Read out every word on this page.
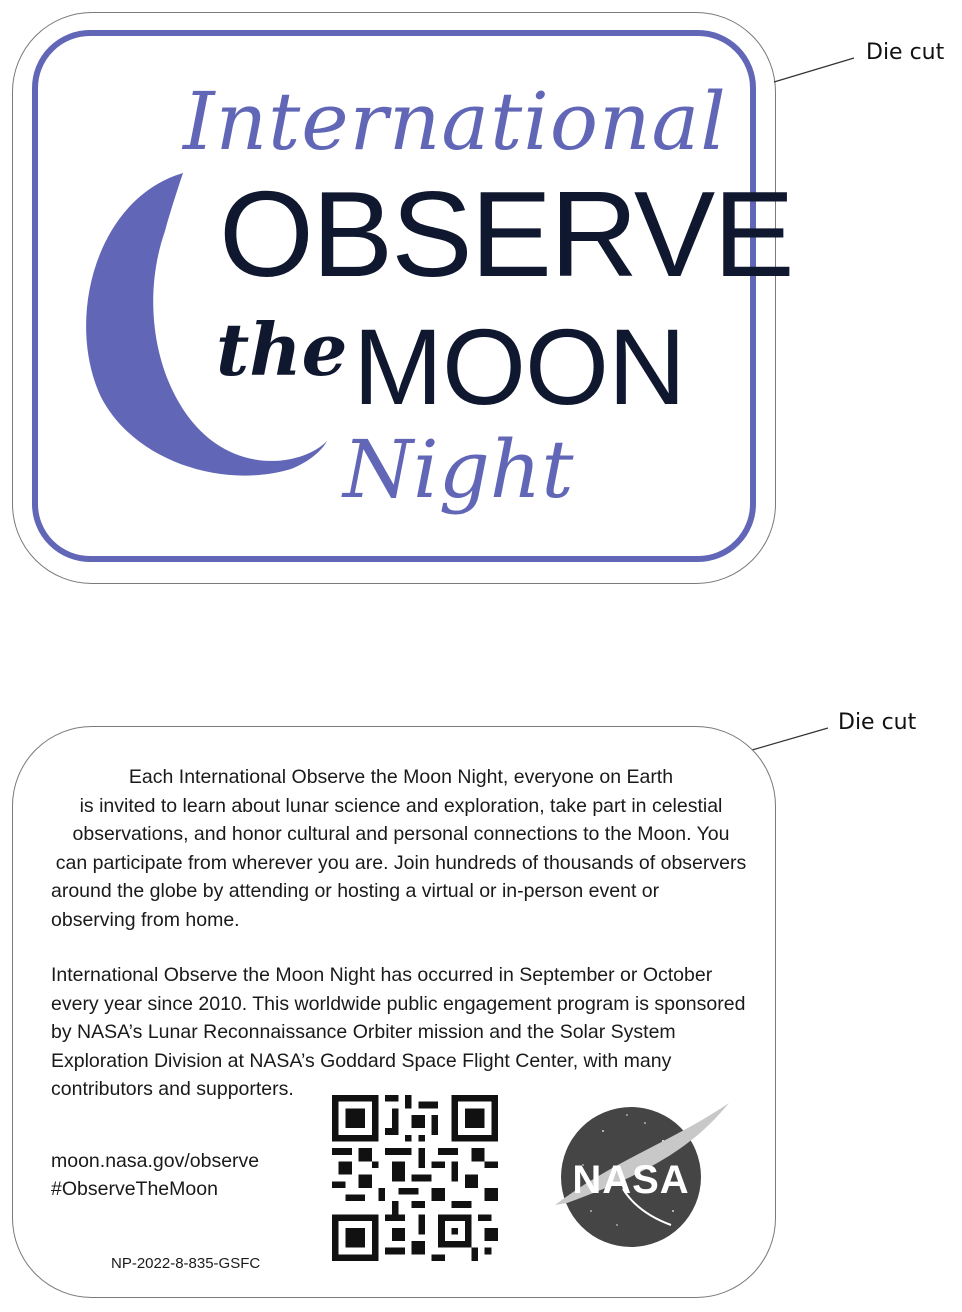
International
OBSERVE
the MOON
Night
Die cut
Die cut
Each International Observe the Moon Night, everyone on Earth
is invited to learn about lunar science and exploration, take part in celestial
observations, and honor cultural and personal connections to the Moon. You
can participate from wherever you are. Join hundreds of thousands of observers
around the globe by attending or hosting a virtual or in-person event or
observing from home.
International Observe the Moon Night has occurred in September or October
every year since 2010. This worldwide public engagement program is sponsored
by NASA’s Lunar Reconnaissance Orbiter mission and the Solar System
Exploration Division at NASA’s Goddard Space Flight Center, with many
contributors and supporters.
moon.nasa.gov/observe
#ObserveTheMoon
NP-2022-8-835-GSFC
NASA
